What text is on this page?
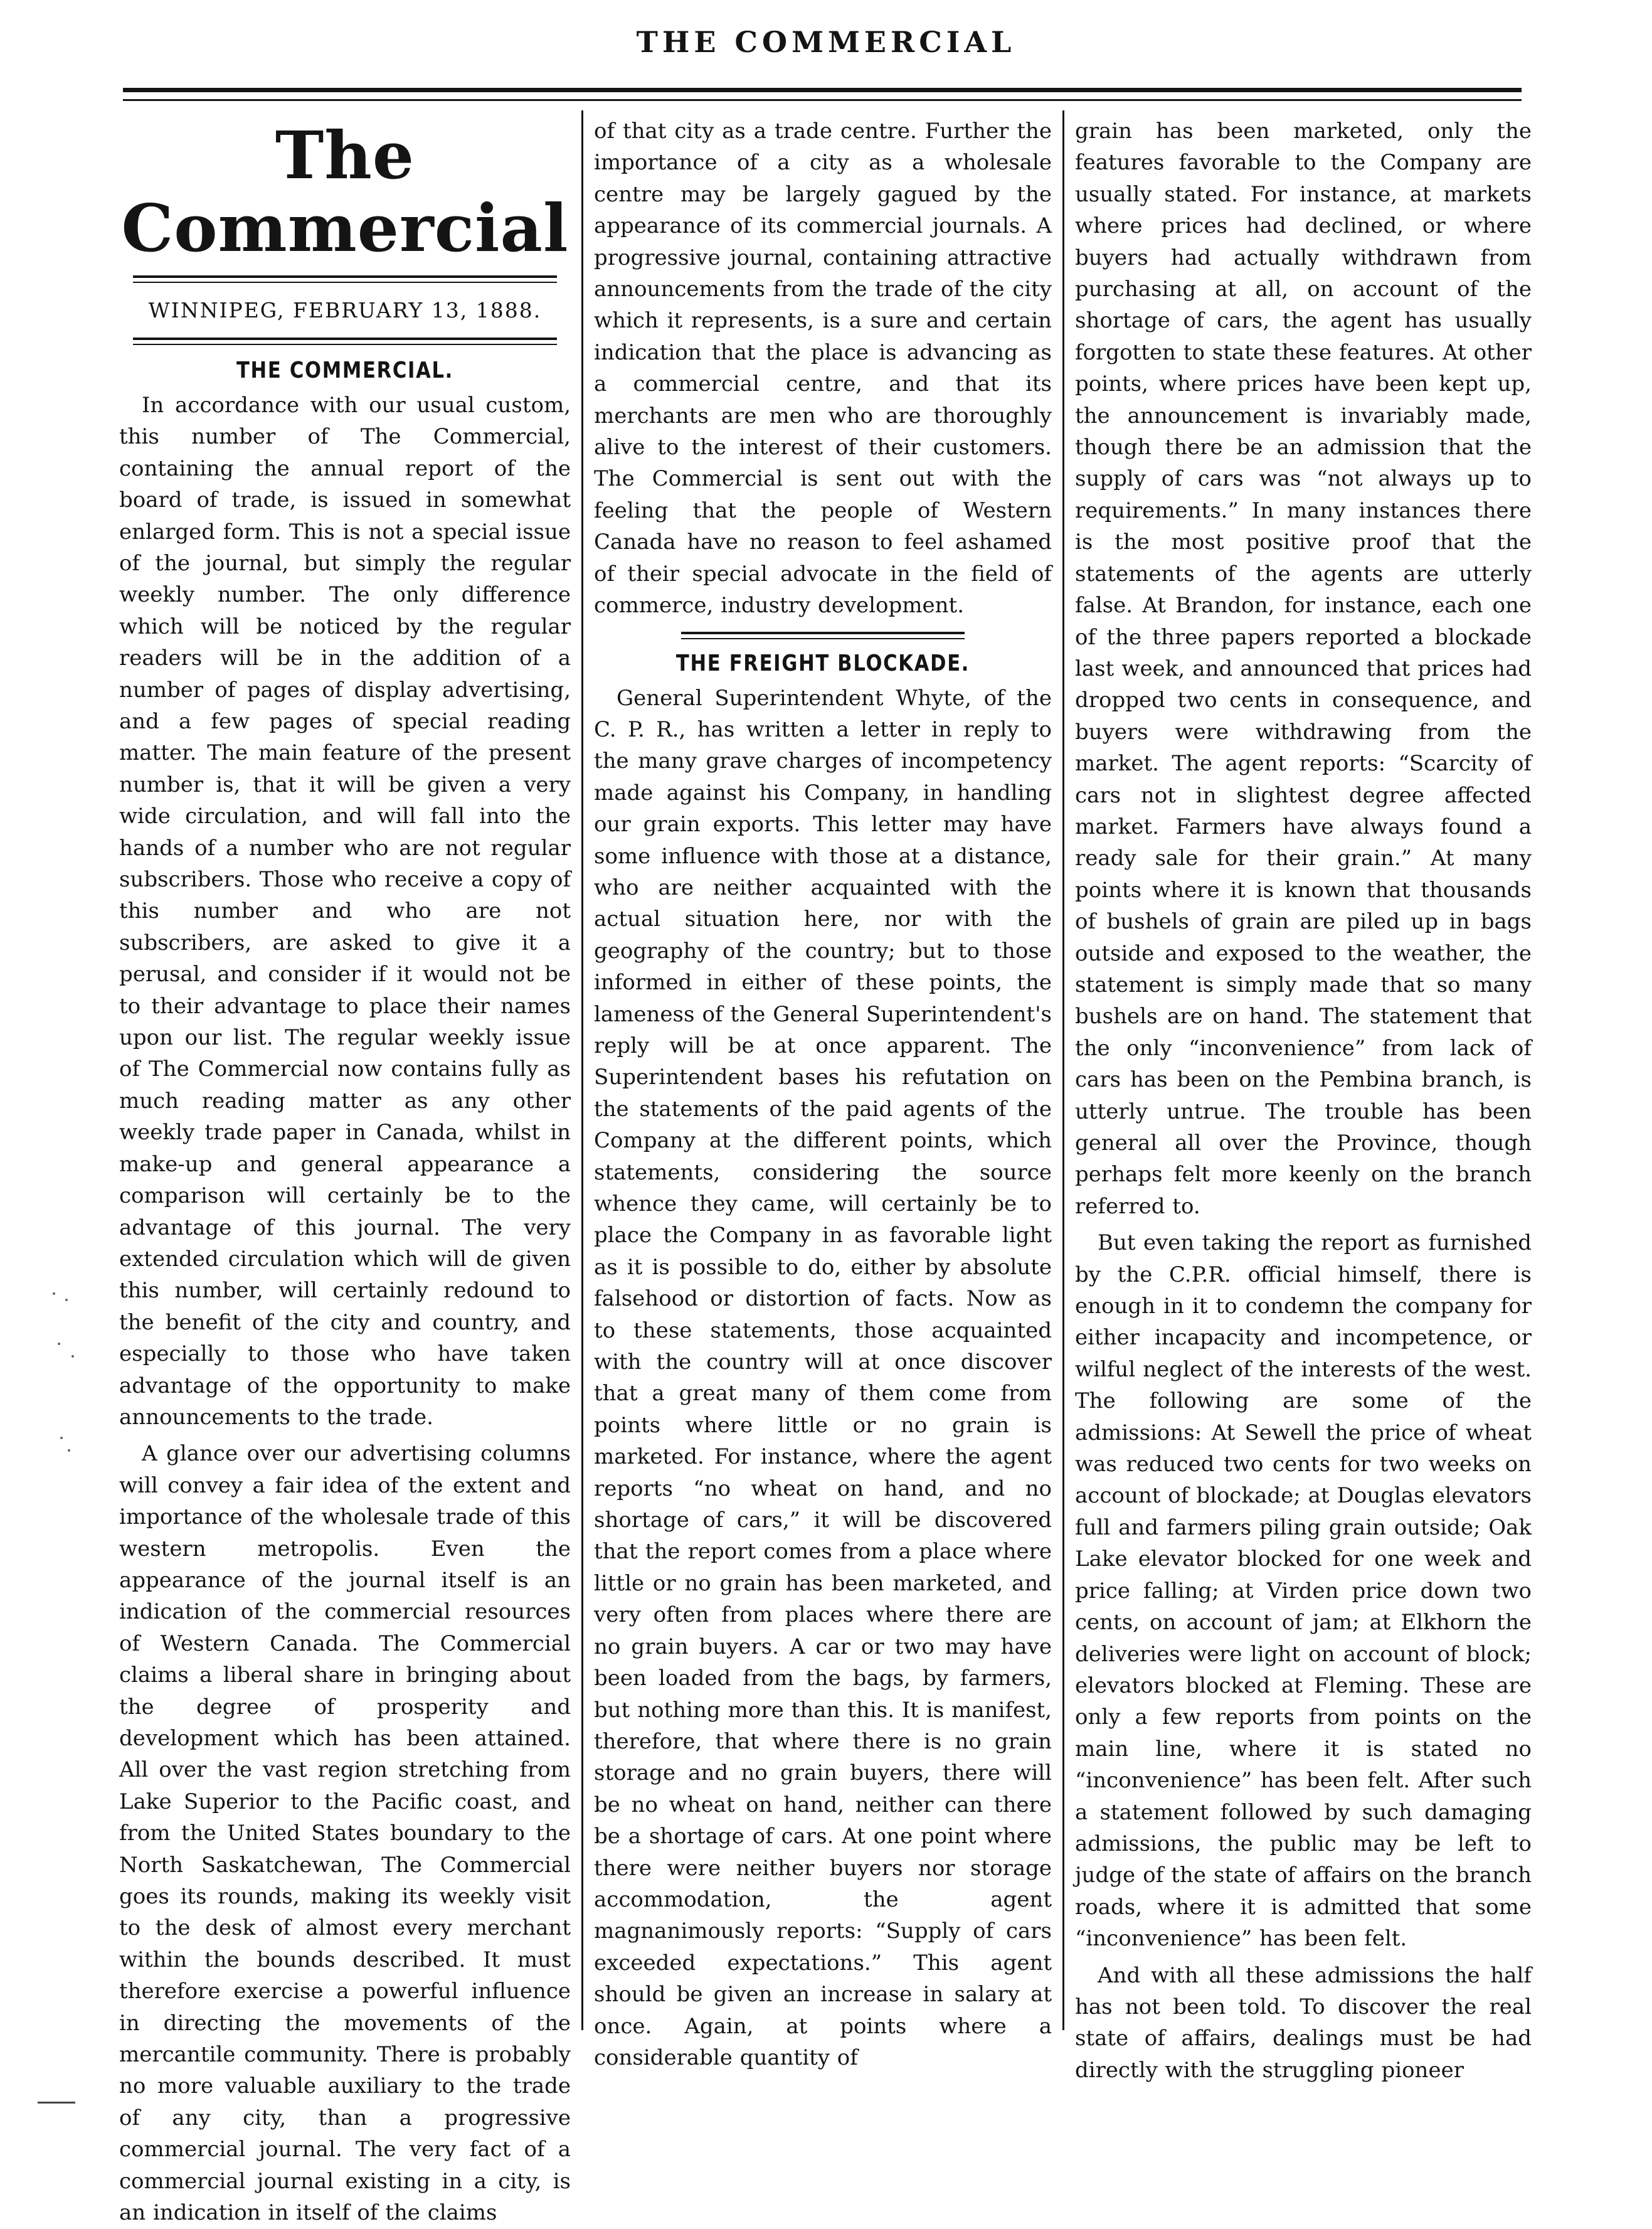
THE COMMERCIAL
The Commercial
WINNIPEG, FEBRUARY 13, 1888.
THE COMMERCIAL.

In accordance with our usual custom, this number of The Commercial, containing the annual report of the board of trade, is issued in somewhat enlarged form. This is not a special issue of the journal, but simply the regular weekly number. The only difference which will be noticed by the regular readers will be in the addition of a number of pages of display advertising, and a few pages of special reading matter. The main feature of the present number is, that it will be given a very wide circulation, and will fall into the hands of a number who are not regular subscribers. Those who receive a copy of this number and who are not subscribers, are asked to give it a perusal, and consider if it would not be to their advantage to place their names upon our list. The regular weekly issue of The Commercial now contains fully as much reading matter as any other weekly trade paper in Canada, whilst in make-up and general appearance a comparison will certainly be to the advantage of this journal. The very extended circulation which will de given this number, will certainly redound to the benefit of the city and country, and especially to those who have taken advantage of the opportunity to make announcements to the trade.

A glance over our advertising columns will convey a fair idea of the extent and importance of the wholesale trade of this western metropolis. Even the appearance of the journal itself is an indication of the commercial resources of Western Canada. The Commercial claims a liberal share in bringing about the degree of prosperity and development which has been attained. All over the vast region stretching from Lake Superior to the Pacific coast, and from the United States boundary to the North Saskatchewan, The Commercial goes its rounds, making its weekly visit to the desk of almost every merchant within the bounds described. It must therefore exercise a powerful influence in directing the movements of the mercantile community. There is probably no more valuable auxiliary to the trade of any city, than a progressive commercial journal. The very fact of a commercial journal existing in a city, is an indication in itself of the claims

of that city as a trade centre. Further the importance of a city as a wholesale centre may be largely gagued by the appearance of its commercial journals. A progressive journal, containing attractive announcements from the trade of the city which it represents, is a sure and certain indication that the place is advancing as a commercial centre, and that its merchants are men who are thoroughly alive to the interest of their customers. The Commercial is sent out with the feeling that the people of Western Canada have no reason to feel ashamed of their special advocate in the field of commerce, industry development.

THE FREIGHT BLOCKADE.

General Superintendent Whyte, of the C. P. R., has written a letter in reply to the many grave charges of incompetency made against his Company, in handling our grain exports. This letter may have some influence with those at a distance, who are neither acquainted with the actual situation here, nor with the geography of the country; but to those informed in either of these points, the lameness of the General Superintendent's reply will be at once apparent. The Superintendent bases his refutation on the statements of the paid agents of the Company at the different points, which statements, considering the source whence they came, will certainly be to place the Company in as favorable light as it is possible to do, either by absolute falsehood or distortion of facts. Now as to these statements, those acquainted with the country will at once discover that a great many of them come from points where little or no grain is marketed. For instance, where the agent reports “no wheat on hand, and no shortage of cars,” it will be discovered that the report comes from a place where little or no grain has been marketed, and very often from places where there are no grain buyers. A car or two may have been loaded from the bags, by farmers, but nothing more than this. It is manifest, therefore, that where there is no grain storage and no grain buyers, there will be no wheat on hand, neither can there be a shortage of cars. At one point where there were neither buyers nor storage accommodation, the agent magnanimously reports: “Supply of cars exceeded expectations.” This agent should be given an increase in salary at once. Again, at points where a considerable quantity of

grain has been marketed, only the features favorable to the Company are usually stated. For instance, at markets where prices had declined, or where buyers had actually withdrawn from purchasing at all, on account of the shortage of cars, the agent has usually forgotten to state these features. At other points, where prices have been kept up, the announcement is invariably made, though there be an admission that the supply of cars was “not always up to requirements.” In many instances there is the most positive proof that the statements of the agents are utterly false. At Brandon, for instance, each one of the three papers reported a blockade last week, and announced that prices had dropped two cents in consequence, and buyers were withdrawing from the market. The agent reports: “Scarcity of cars not in slightest degree affected market. Farmers have always found a ready sale for their grain.” At many points where it is known that thousands of bushels of grain are piled up in bags outside and exposed to the weather, the statement is simply made that so many bushels are on hand. The statement that the only “inconvenience” from lack of cars has been on the Pembina branch, is utterly untrue. The trouble has been general all over the Province, though perhaps felt more keenly on the branch referred to.

But even taking the report as furnished by the C.P.R. official himself, there is enough in it to condemn the company for either incapacity and incompetence, or wilful neglect of the interests of the west. The following are some of the admissions: At Sewell the price of wheat was reduced two cents for two weeks on account of blockade; at Douglas elevators full and farmers piling grain outside; Oak Lake elevator blocked for one week and price falling; at Virden price down two cents, on account of jam; at Elkhorn the deliveries were light on account of block; elevators blocked at Fleming. These are only a few reports from points on the main line, where it is stated no “inconvenience” has been felt. After such a statement followed by such damaging admissions, the public may be left to judge of the state of affairs on the branch roads, where it is admitted that some “inconvenience” has been felt.

And with all these admissions the half has not been told. To discover the real state of affairs, dealings must be had directly with the struggling pioneer
